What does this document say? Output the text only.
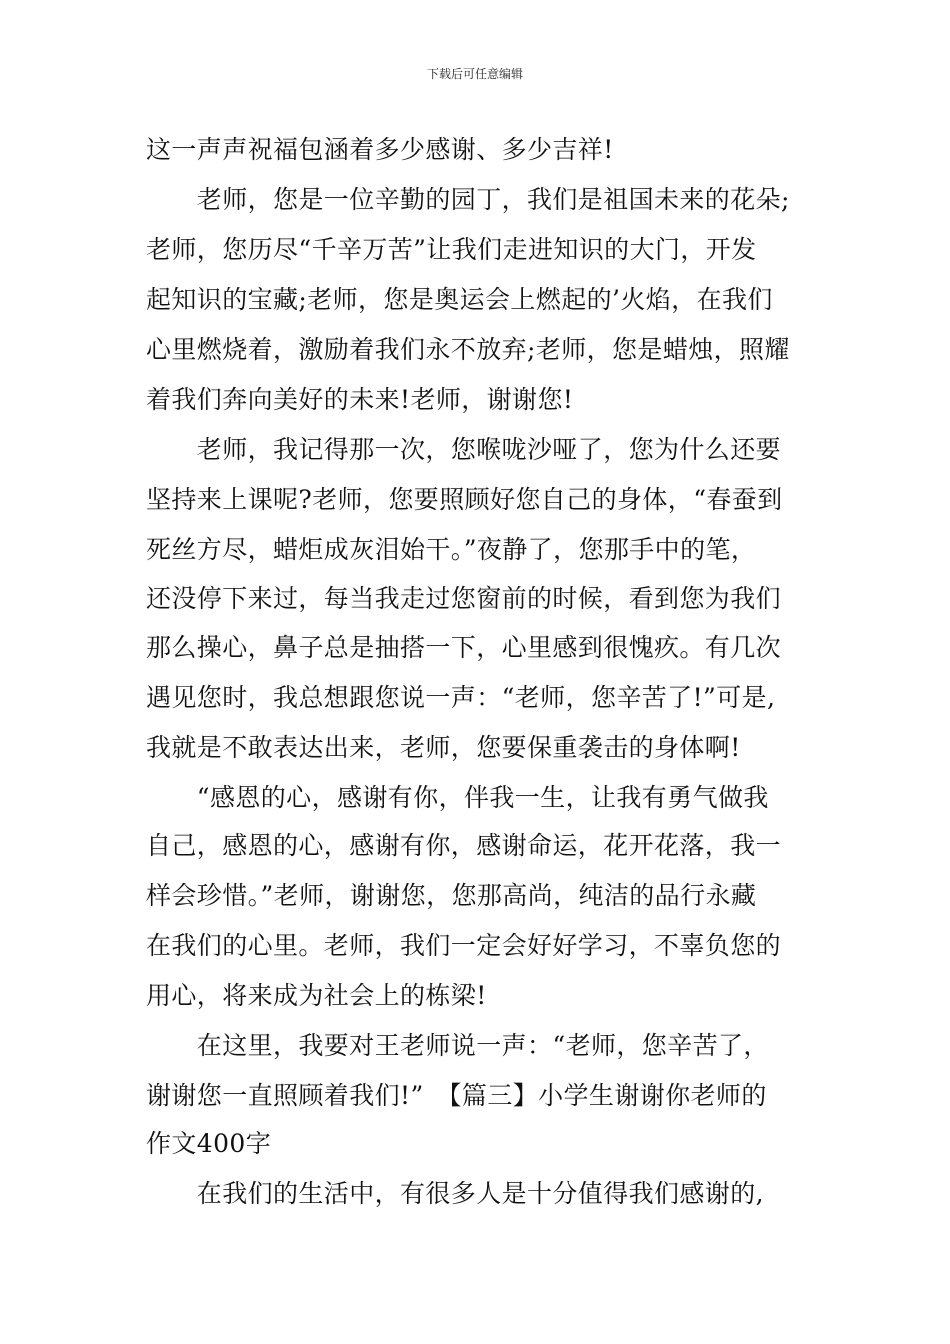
下载后可任意编辑
这一声声祝福包涵着多少感谢、多少吉祥!
　　老师，您是一位辛勤的园丁，我们是祖国未来的花朵;
老师，您历尽“千辛万苦”让我们走进知识的大门，开发
起知识的宝藏;老师，您是奥运会上燃起的’火焰，在我们
心里燃烧着，激励着我们永不放弃;老师，您是蜡烛，照耀
着我们奔向美好的未来!老师，谢谢您!
　　老师，我记得那一次，您喉咙沙哑了，您为什么还要
坚持来上课呢?老师，您要照顾好您自己的身体，“春蚕到
死丝方尽，蜡炬成灰泪始干。”夜静了，您那手中的笔，
还没停下来过，每当我走过您窗前的时候，看到您为我们
那么操心，鼻子总是抽搭一下，心里感到很愧疚。有几次
遇见您时，我总想跟您说一声：“老师，您辛苦了!”可是,
我就是不敢表达出来，老师，您要保重袭击的身体啊!
　　“感恩的心，感谢有你，伴我一生，让我有勇气做我
自己，感恩的心，感谢有你，感谢命运，花开花落，我一
样会珍惜。”老师，谢谢您，您那高尚，纯洁的品行永藏
在我们的心里。老师，我们一定会好好学习，不辜负您的
用心，将来成为社会上的栋梁!
　　在这里，我要对王老师说一声：“老师，您辛苦了，
谢谢您一直照顾着我们!”　【篇三】小学生谢谢你老师的
作文400字
　　在我们的生活中，有很多人是十分值得我们感谢的,
